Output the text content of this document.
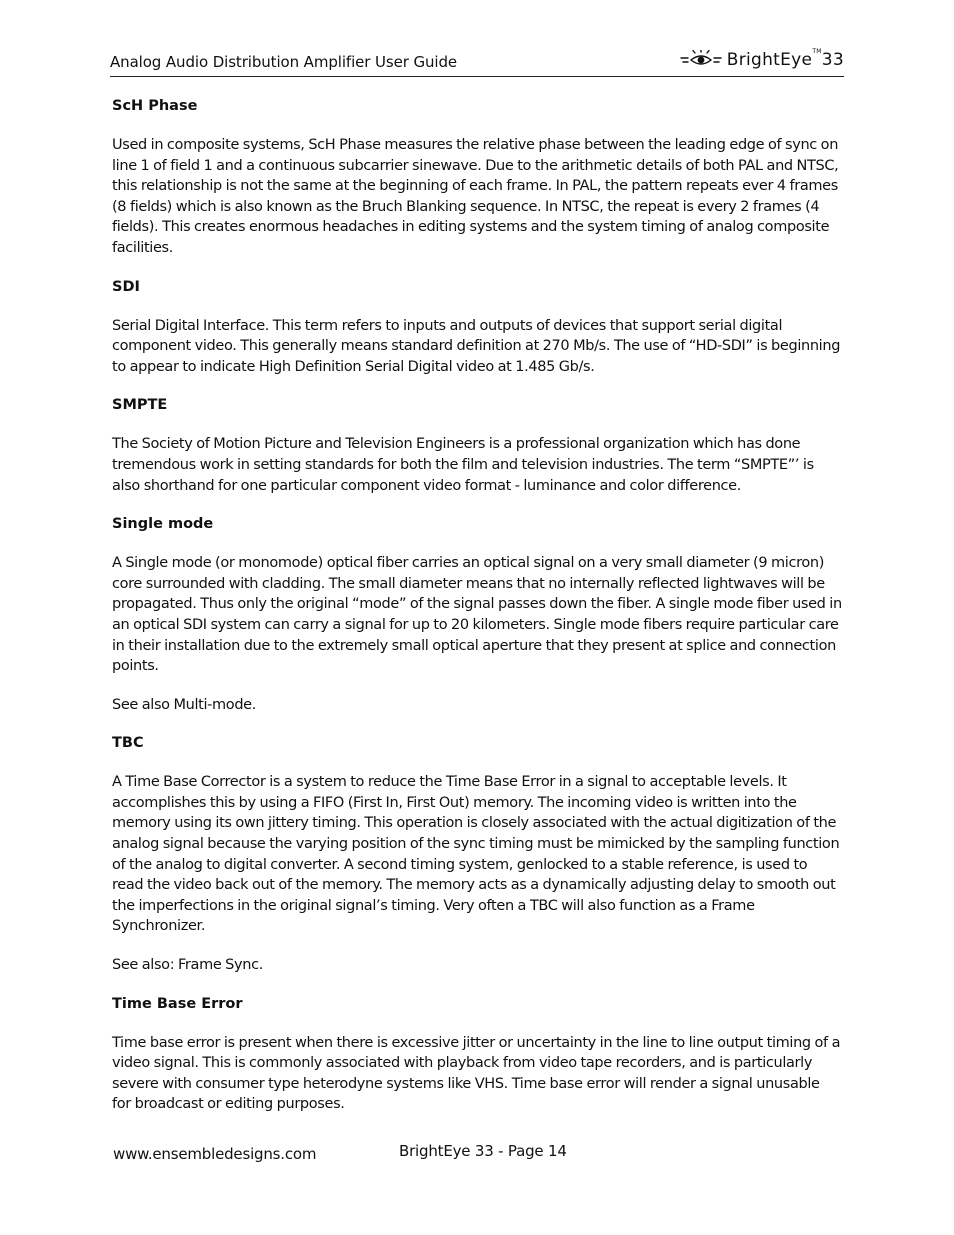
Analog Audio Distribution Amplifier User Guide	BrightEye™33
ScH Phase
Used in composite systems, ScH Phase measures the relative phase between the leading edge of sync on line 1 of field 1 and a continuous subcarrier sinewave. Due to the arithmetic details of both PAL and NTSC, this relationship is not the same at the beginning of each frame. In PAL, the pattern repeats ever 4 frames (8 fields) which is also known as the Bruch Blanking sequence. In NTSC, the repeat is every 2 frames (4 fields). This creates enormous headaches in editing systems and the system timing of analog composite facilities.
SDI
Serial Digital Interface. This term refers to inputs and outputs of devices that support serial digital component video. This generally means standard definition at 270 Mb/s. The use of “HD-SDI” is beginning to appear to indicate High Definition Serial Digital video at 1.485 Gb/s.
SMPTE
The Society of Motion Picture and Television Engineers is a professional organization which has done tremendous work in setting standards for both the film and television industries. The term “SMPTE”’ is also shorthand for one particular component video format - luminance and color difference.
Single mode
A Single mode (or monomode) optical fiber carries an optical signal on a very small diameter (9 micron) core surrounded with cladding. The small diameter means that no internally reflected lightwaves will be propagated. Thus only the original “mode” of the signal passes down the fiber. A single mode fiber used in an optical SDI system can carry a signal for up to 20 kilometers. Single mode fibers require particular care in their installation due to the extremely small optical aperture that they present at splice and connection points.
See also Multi-mode.
TBC
A Time Base Corrector is a system to reduce the Time Base Error in a signal to acceptable levels. It accomplishes this by using a FIFO (First In, First Out) memory. The incoming video is written into the memory using its own jittery timing. This operation is closely associated with the actual digitization of the analog signal because the varying position of the sync timing must be mimicked by the sampling function of the analog to digital converter. A second timing system, genlocked to a stable reference, is used to read the video back out of the memory. The memory acts as a dynamically adjusting delay to smooth out the imperfections in the original signal’s timing. Very often a TBC will also function as a Frame Synchronizer.
See also: Frame Sync.
Time Base Error
Time base error is present when there is excessive jitter or uncertainty in the line to line output timing of a video signal. This is commonly associated with playback from video tape recorders, and is particularly severe with consumer type heterodyne systems like VHS. Time base error will render a signal unusable for broadcast or editing purposes.
www.ensembledesigns.com	BrightEye 33 - Page 14
